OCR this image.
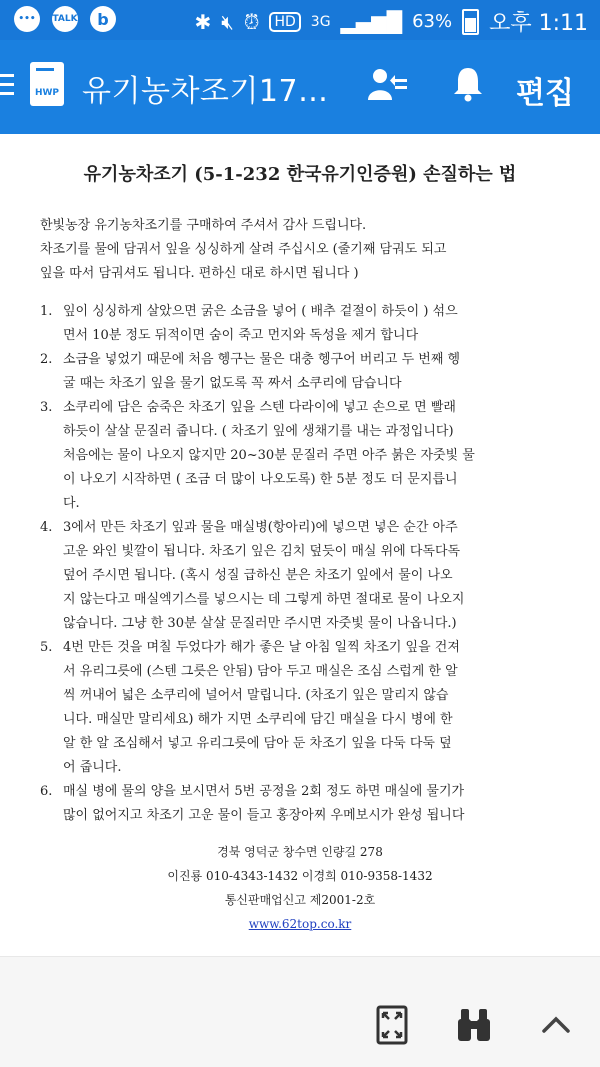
•••	TALK	b	✱ 🔇︎ ⏰︎	HD	3G ▂▄▆█ 63% 오후 1:11
HWP 유기농차조기17…	편집
유기농차조기 (5-1-232 한국유기인증원) 손질하는 법
한빛농장 유기농차조기를 구매하여 주셔서 감사 드립니다.
차조기를 물에 담궈서 잎을 싱싱하게 살려 주십시오 (줄기째 담궈도 되고
잎을 따서 담궈셔도 됩니다. 편하신 대로 하시면 됩니다 )
1. 잎이 싱싱하게 살았으면 굵은 소금을 넣어 ( 배추 겉절이 하듯이 ) 섞으
면서 10분 정도 뒤적이면 숨이 죽고 먼지와 독성을 제거 합니다
2. 소금을 넣었기 때문에 처음 헹구는 물은 대충 헹구어 버리고 두 번째 헹
굴 때는 차조기 잎을 물기 없도록 꼭 짜서 소쿠리에 담습니다
3. 소쿠리에 담은 숨죽은 차조기 잎을 스텐 다라이에 넣고 손으로 면 빨래
하듯이 살살 문질러 줍니다. ( 차조기 잎에 생채기를 내는 과정입니다)
처음에는 물이 나오지 않지만 20~30분 문질러 주면 아주 붉은 자줏빛 물
이 나오기 시작하면 ( 조금 더 많이 나오도록) 한 5분 정도 더 문지릅니
다.
4. 3에서 만든 차조기 잎과 물을 매실병(항아리)에 넣으면 넣은 순간 아주
고운 와인 빛깔이 됩니다. 차조기 잎은 김치 덮듯이 매실 위에 다독다독
덮어 주시면 됩니다. (혹시 성질 급하신 분은 차조기 잎에서 물이 나오
지 않는다고 매실엑기스를 넣으시는 데 그렇게 하면 절대로 물이 나오지
않습니다. 그냥 한 30분 살살 문질러만 주시면 자줏빛 물이 나옵니다.)
5. 4번 만든 것을 며칠 두었다가 해가 좋은 날 아침 일찍 차조기 잎을 건져
서 유리그릇에 (스텐 그릇은 안됨) 담아 두고 매실은 조심 스럽게 한 알
씩 꺼내어 넓은 소쿠리에 널어서 말립니다. (차조기 잎은 말리지 않습
니다. 매실만 말리세요) 해가 지면 소쿠리에 담긴 매실을 다시 병에 한
알 한 알 조심해서 넣고 유리그릇에 담아 둔 차조기 잎을 다둑 다둑 덮
어 줍니다.
6. 매실 병에 물의 양을 보시면서 5번 공정을 2회 정도 하면 매실에 물기가
많이 없어지고 차조기 고운 물이 들고 홍장아찌 우메보시가 완성 됩니다
경북 영덕군 창수면 인량길 278
이진룡 010-4343-1432 이경희 010-9358-1432
통신판매업신고 제2001-2호
www.62top.co.kr
